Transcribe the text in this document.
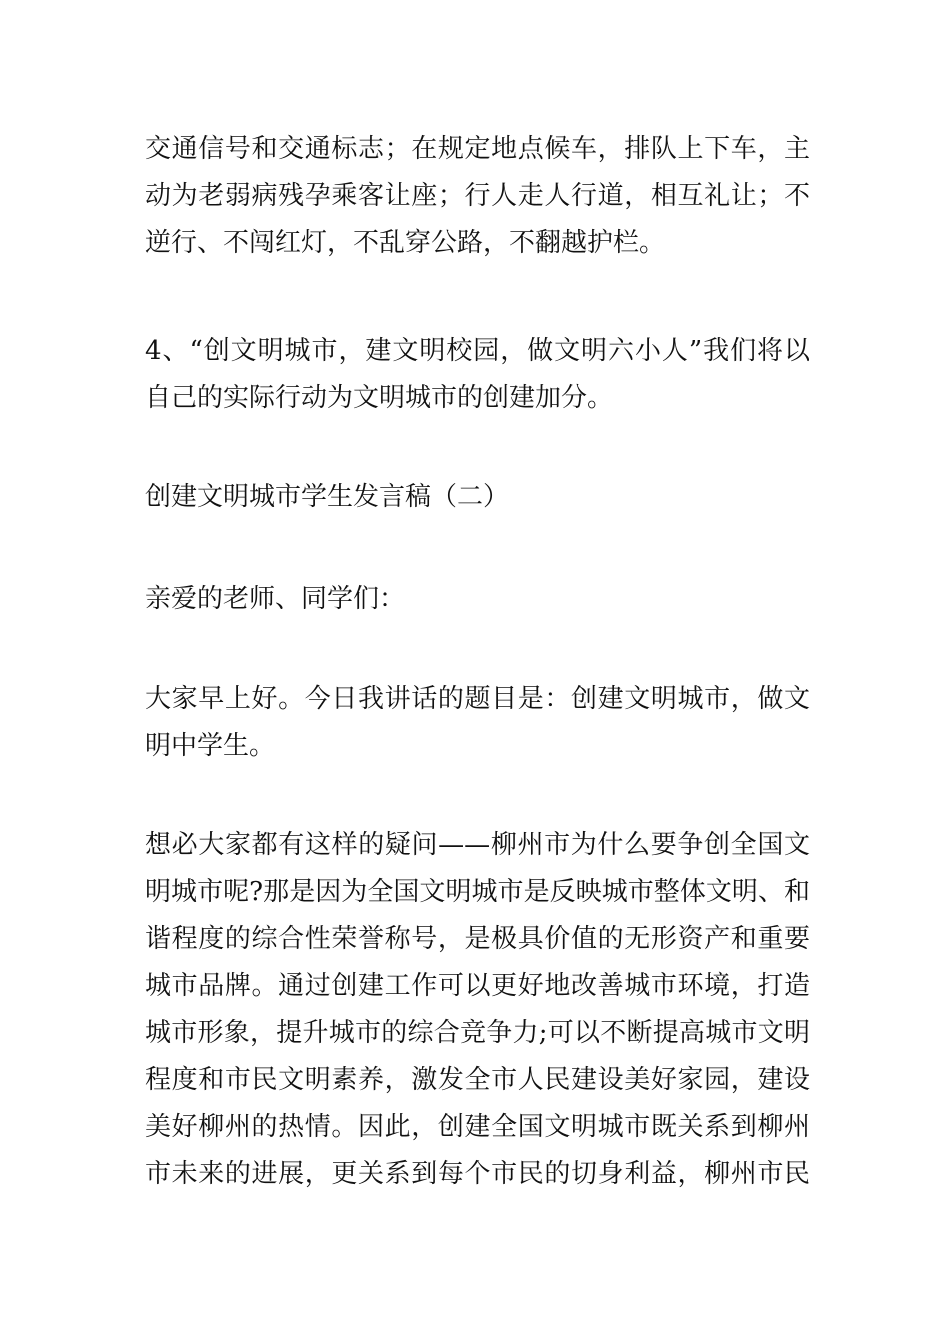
交通信号和交通标志；在规定地点候车，排队上下车，主
动为老弱病残孕乘客让座；行人走人行道，相互礼让；不
逆行、不闯红灯，不乱穿公路，不翻越护栏。
4、“创文明城市，建文明校园，做文明六小人”我们将以
自己的实际行动为文明城市的创建加分。
创建文明城市学生发言稿（二）
亲爱的老师、同学们：
大家早上好。今日我讲话的题目是：创建文明城市，做文
明中学生。
想必大家都有这样的疑问——柳州市为什么要争创全国文
明城市呢?那是因为全国文明城市是反映城市整体文明、和
谐程度的综合性荣誉称号，是极具价值的无形资产和重要
城市品牌。通过创建工作可以更好地改善城市环境，打造
城市形象，提升城市的综合竞争力;可以不断提高城市文明
程度和市民文明素养，激发全市人民建设美好家园，建设
美好柳州的热情。因此，创建全国文明城市既关系到柳州
市未来的进展，更关系到每个市民的切身利益，柳州市民
